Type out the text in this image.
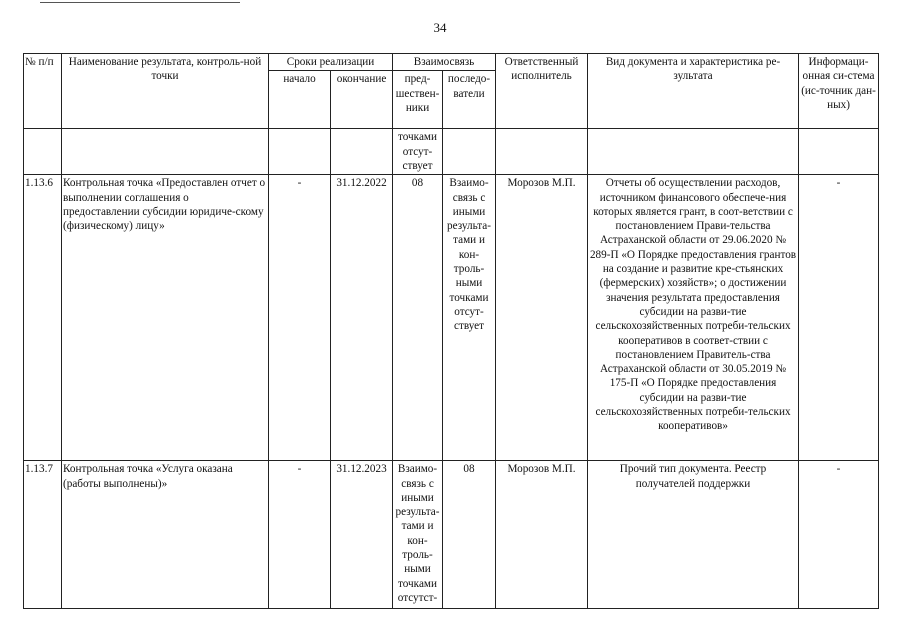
34
№ п/п	Наименование результата, контроль-ной точки	Сроки реализации		Взаимосвязь		Ответственный исполнитель	Вид документа и характеристика ре-зультата	Информаци-онная си-стема (ис-точник дан-ных)
		начало	окончание	пред-шествен-ники	последо-ватели			
				точками отсут-ствует				
1.13.6	Контрольная точка «Предоставлен отчет о выполнении соглашения о предоставлении субсидии юридиче-скому (физическому) лицу»	-	31.12.2022	08	Взаимо-связь с иными результа-тами и кон-троль-ными точками отсут-ствует	Морозов М.П.	Отчеты об осуществлении расходов, источником финансового обеспече-ния которых является грант, в соот-ветствии с постановлением Прави-тельства Астраханской области от 29.06.2020 № 289-П «О Порядке предоставления грантов на создание и развитие кре-стьянских (фермерских) хозяйств»; о достижении значения результата предоставления субсидии на разви-тие сельскохозяйственных потреби-тельских кооперативов в соответ-ствии с постановлением Правитель-ства Астраханской области от 30.05.2019 № 175-П «О Порядке предоставления субсидии на разви-тие сельскохозяйственных потреби-тельских кооперативов»	-
1.13.7	Контрольная точка «Услуга оказана (работы выполнены)»	-	31.12.2023	Взаимо-связь с иными результа-тами и кон-троль-ными точками отсутст-	08	Морозов М.П.	Прочий тип документа. Реестр получателей поддержки	-
